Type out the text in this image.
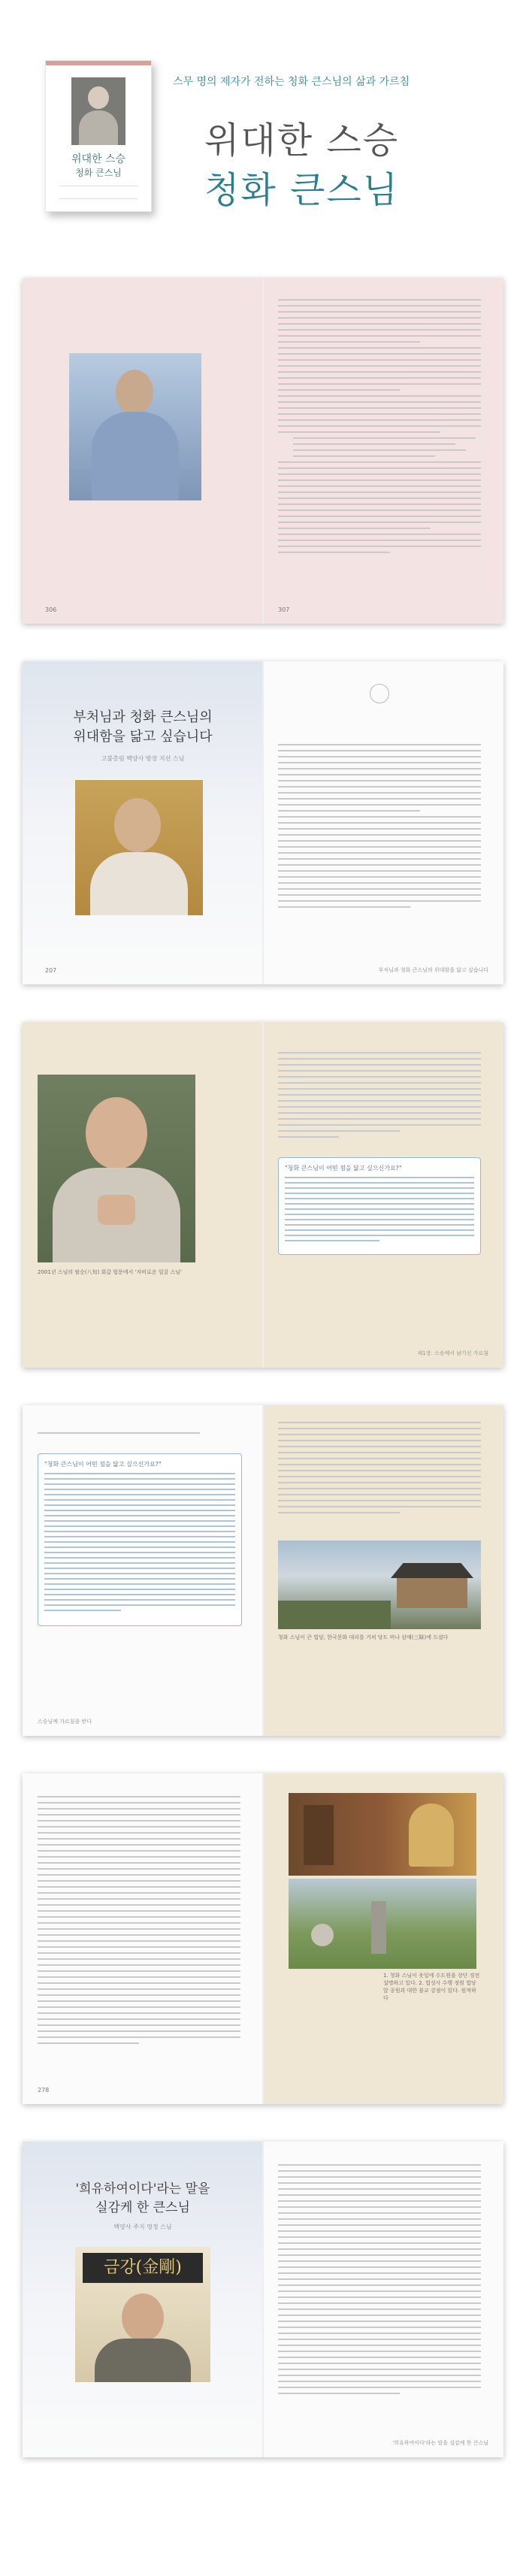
위대한 스승
청화 큰스님
스무 명의 제자가 전하는 청화 큰스님의 삶과 가르침
위대한 스승
청화 큰스님
306	307
부처님과 청화 큰스님의
위대함을 닮고 싶습니다
고불총림 백양사 방장 지선 스님
207	부처님과 청화 큰스님의 위대함을 닮고 싶습니다
2001년 스님의 팔순(八旬) 회갑 법문에서 '자비로운 얼굴 스님'
"청화 큰스님이 어떤 점을 닮고 싶으신가요?"
제1장. 스승께서 남기신 가르침
"청화 큰스님이 어떤 점을 닮고 싶으신가요?"
스승님께 가르침을 받다
청화 스님이 큰 법당, 한국문화 대리를 거쳐 당도 떠나 삼매(三昧)에 드셨다
278
1. 청화 스님이 옷일에 수도원을 상단 경전 설명하고 있다. 2. 법성사 수행 정원 법당 앞 공원과 대한 불교 강점이 있다. 원적하다
'희유하여이다'라는 말을
실감케 한 큰스님
백양사 주지 영정 스님
금강(金剛)
'희유하여이다'라는 말을 실감케 한 큰스님
